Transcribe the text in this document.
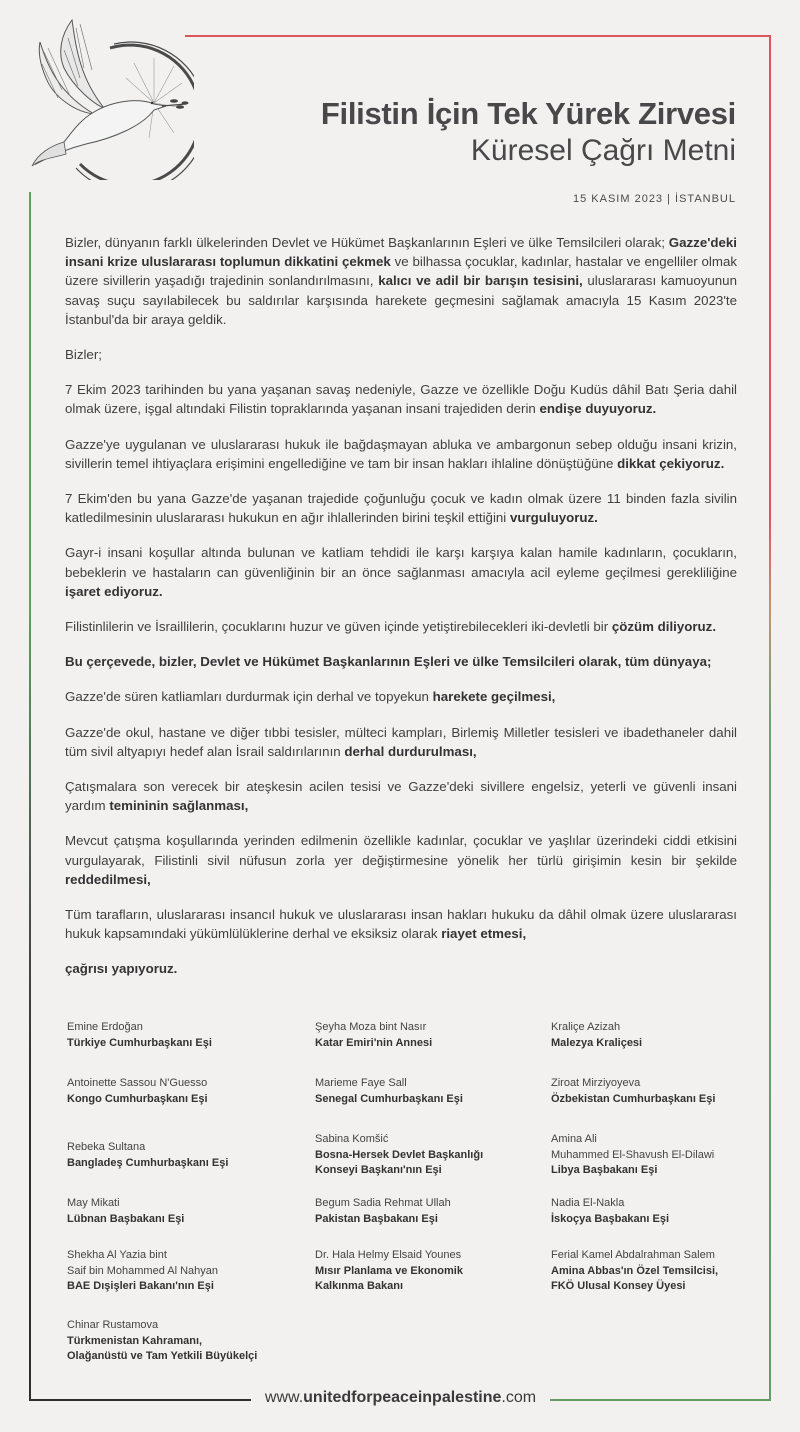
Filistin İçin Tek Yürek Zirvesi
Küresel Çağrı Metni
15 KASIM 2023 | İSTANBUL

Bizler, dünyanın farklı ülkelerinden Devlet ve Hükümet Başkanlarının Eşleri ve ülke Temsilcileri olarak; Gazze'deki insani krize uluslararası toplumun dikkatini çekmek ve bilhassa çocuklar, kadınlar, hastalar ve engelliler olmak üzere sivillerin yaşadığı trajedinin sonlandırılmasını, kalıcı ve adil bir barışın tesisini, uluslararası kamuoyunun savaş suçu sayılabilecek bu saldırılar karşısında harekete geçmesini sağlamak amacıyla 15 Kasım 2023'te İstanbul'da bir araya geldik.

Bizler;

7 Ekim 2023 tarihinden bu yana yaşanan savaş nedeniyle, Gazze ve özellikle Doğu Kudüs dâhil Batı Şeria dahil olmak üzere, işgal altındaki Filistin topraklarında yaşanan insani trajediden derin endişe duyuyoruz.

Gazze'ye uygulanan ve uluslararası hukuk ile bağdaşmayan abluka ve ambargonun sebep olduğu insani krizin, sivillerin temel ihtiyaçlara erişimini engellediğine ve tam bir insan hakları ihlaline dönüştüğüne dikkat çekiyoruz.

7 Ekim'den bu yana Gazze'de yaşanan trajedide çoğunluğu çocuk ve kadın olmak üzere 11 binden fazla sivilin katledilmesinin uluslararası hukukun en ağır ihlallerinden birini teşkil ettiğini vurguluyoruz.

Gayr-i insani koşullar altında bulunan ve katliam tehdidi ile karşı karşıya kalan hamile kadınların, çocukların, bebeklerin ve hastaların can güvenliğinin bir an önce sağlanması amacıyla acil eyleme geçilmesi gerekliliğine işaret ediyoruz.

Filistinlilerin ve İsraillilerin, çocuklarını huzur ve güven içinde yetiştirebilecekleri iki-devletli bir çözüm diliyoruz.

Bu çerçevede, bizler, Devlet ve Hükümet Başkanlarının Eşleri ve ülke Temsilcileri olarak, tüm dünyaya;

Gazze'de süren katliamları durdurmak için derhal ve topyekun harekete geçilmesi,

Gazze'de okul, hastane ve diğer tıbbi tesisler, mülteci kampları, Birlemiş Milletler tesisleri ve ibadethaneler dahil tüm sivil altyapıyı hedef alan İsrail saldırılarının derhal durdurulması,

Çatışmalara son verecek bir ateşkesin acilen tesisi ve Gazze'deki sivillere engelsiz, yeterli ve güvenli insani yardım temininin sağlanması,

Mevcut çatışma koşullarında yerinden edilmenin özellikle kadınlar, çocuklar ve yaşlılar üzerindeki ciddi etkisini vurgulayarak, Filistinli sivil nüfusun zorla yer değiştirmesine yönelik her türlü girişimin kesin bir şekilde reddedilmesi,

Tüm tarafların, uluslararası insancıl hukuk ve uluslararası insan hakları hukuku da dâhil olmak üzere uluslararası hukuk kapsamındaki yükümlülüklerine derhal ve eksiksiz olarak riayet etmesi,

çağrısı yapıyoruz.

Emine Erdoğan
Türkiye Cumhurbaşkanı Eşi
Şeyha Moza bint Nasır
Katar Emiri'nin Annesi
Kraliçe Azizah
Malezya Kraliçesi
Antoinette Sassou N'Guesso
Kongo Cumhurbaşkanı Eşi
Marieme Faye Sall
Senegal Cumhurbaşkanı Eşi
Ziroat Mirziyoyeva
Özbekistan Cumhurbaşkanı Eşi
Rebeka Sultana
Bangladeş Cumhurbaşkanı Eşi
Sabina Komšić
Bosna-Hersek Devlet Başkanlığı
Konseyi Başkanı'nın Eşi
Amina Ali
Muhammed El-Shavush El-Dilawi
Libya Başbakanı Eşi
May Mikati
Lübnan Başbakanı Eşi
Begum Sadia Rehmat Ullah
Pakistan Başbakanı Eşi
Nadia El-Nakla
İskoçya Başbakanı Eşi
Shekha Al Yazia bint
Saif bin Mohammed Al Nahyan
BAE Dışişleri Bakanı'nın Eşi
Dr. Hala Helmy Elsaid Younes
Mısır Planlama ve Ekonomik
Kalkınma Bakanı
Ferial Kamel Abdalrahman Salem
Amina Abbas'ın Özel Temsilcisi,
FKÖ Ulusal Konsey Üyesi
Chinar Rustamova
Türkmenistan Kahramanı,
Olağanüstü ve Tam Yetkili Büyükelçi
www.unitedforpeaceinpalestine.com
